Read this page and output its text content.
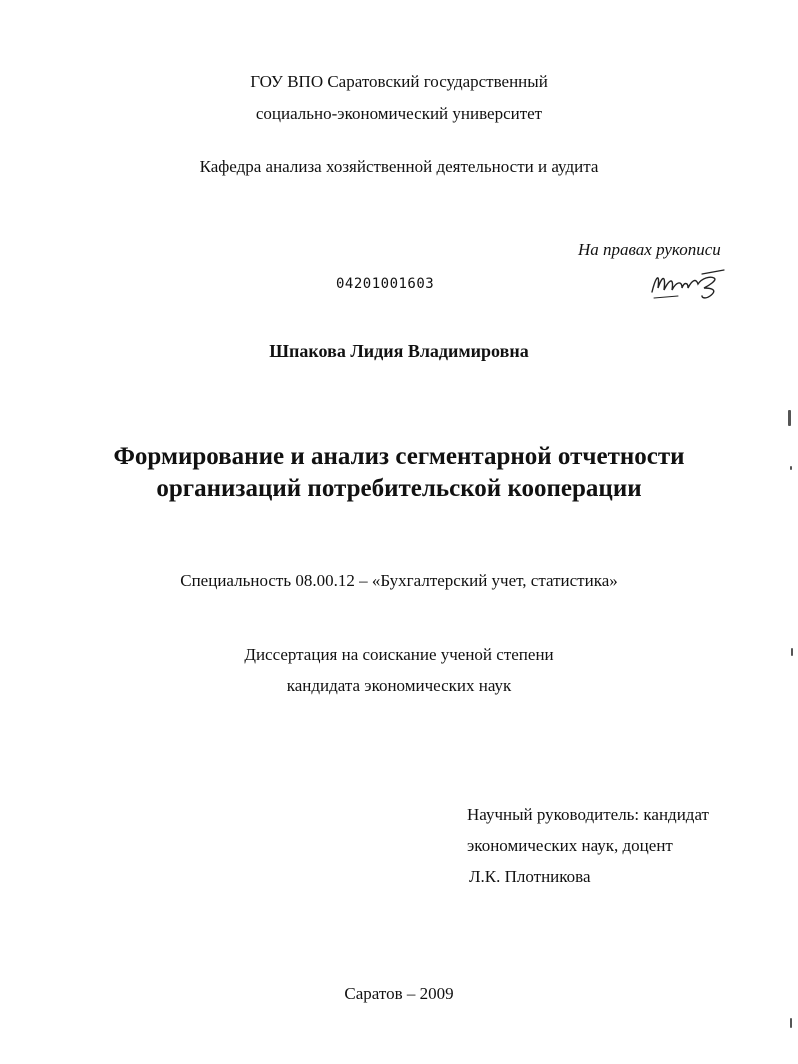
ГОУ ВПО Саратовский государственный
социально-экономический университет
Кафедра анализа хозяйственной деятельности и аудита
На правах рукописи
04201001603
Шпакова Лидия Владимировна
Формирование и анализ сегментарной отчетности
организаций потребительской кооперации
Специальность 08.00.12 – «Бухгалтерский учет, статистика»
Диссертация на соискание ученой степени
кандидата экономических наук
Научный руководитель: кандидат
экономических наук, доцент
Л.К. Плотникова
Саратов – 2009
